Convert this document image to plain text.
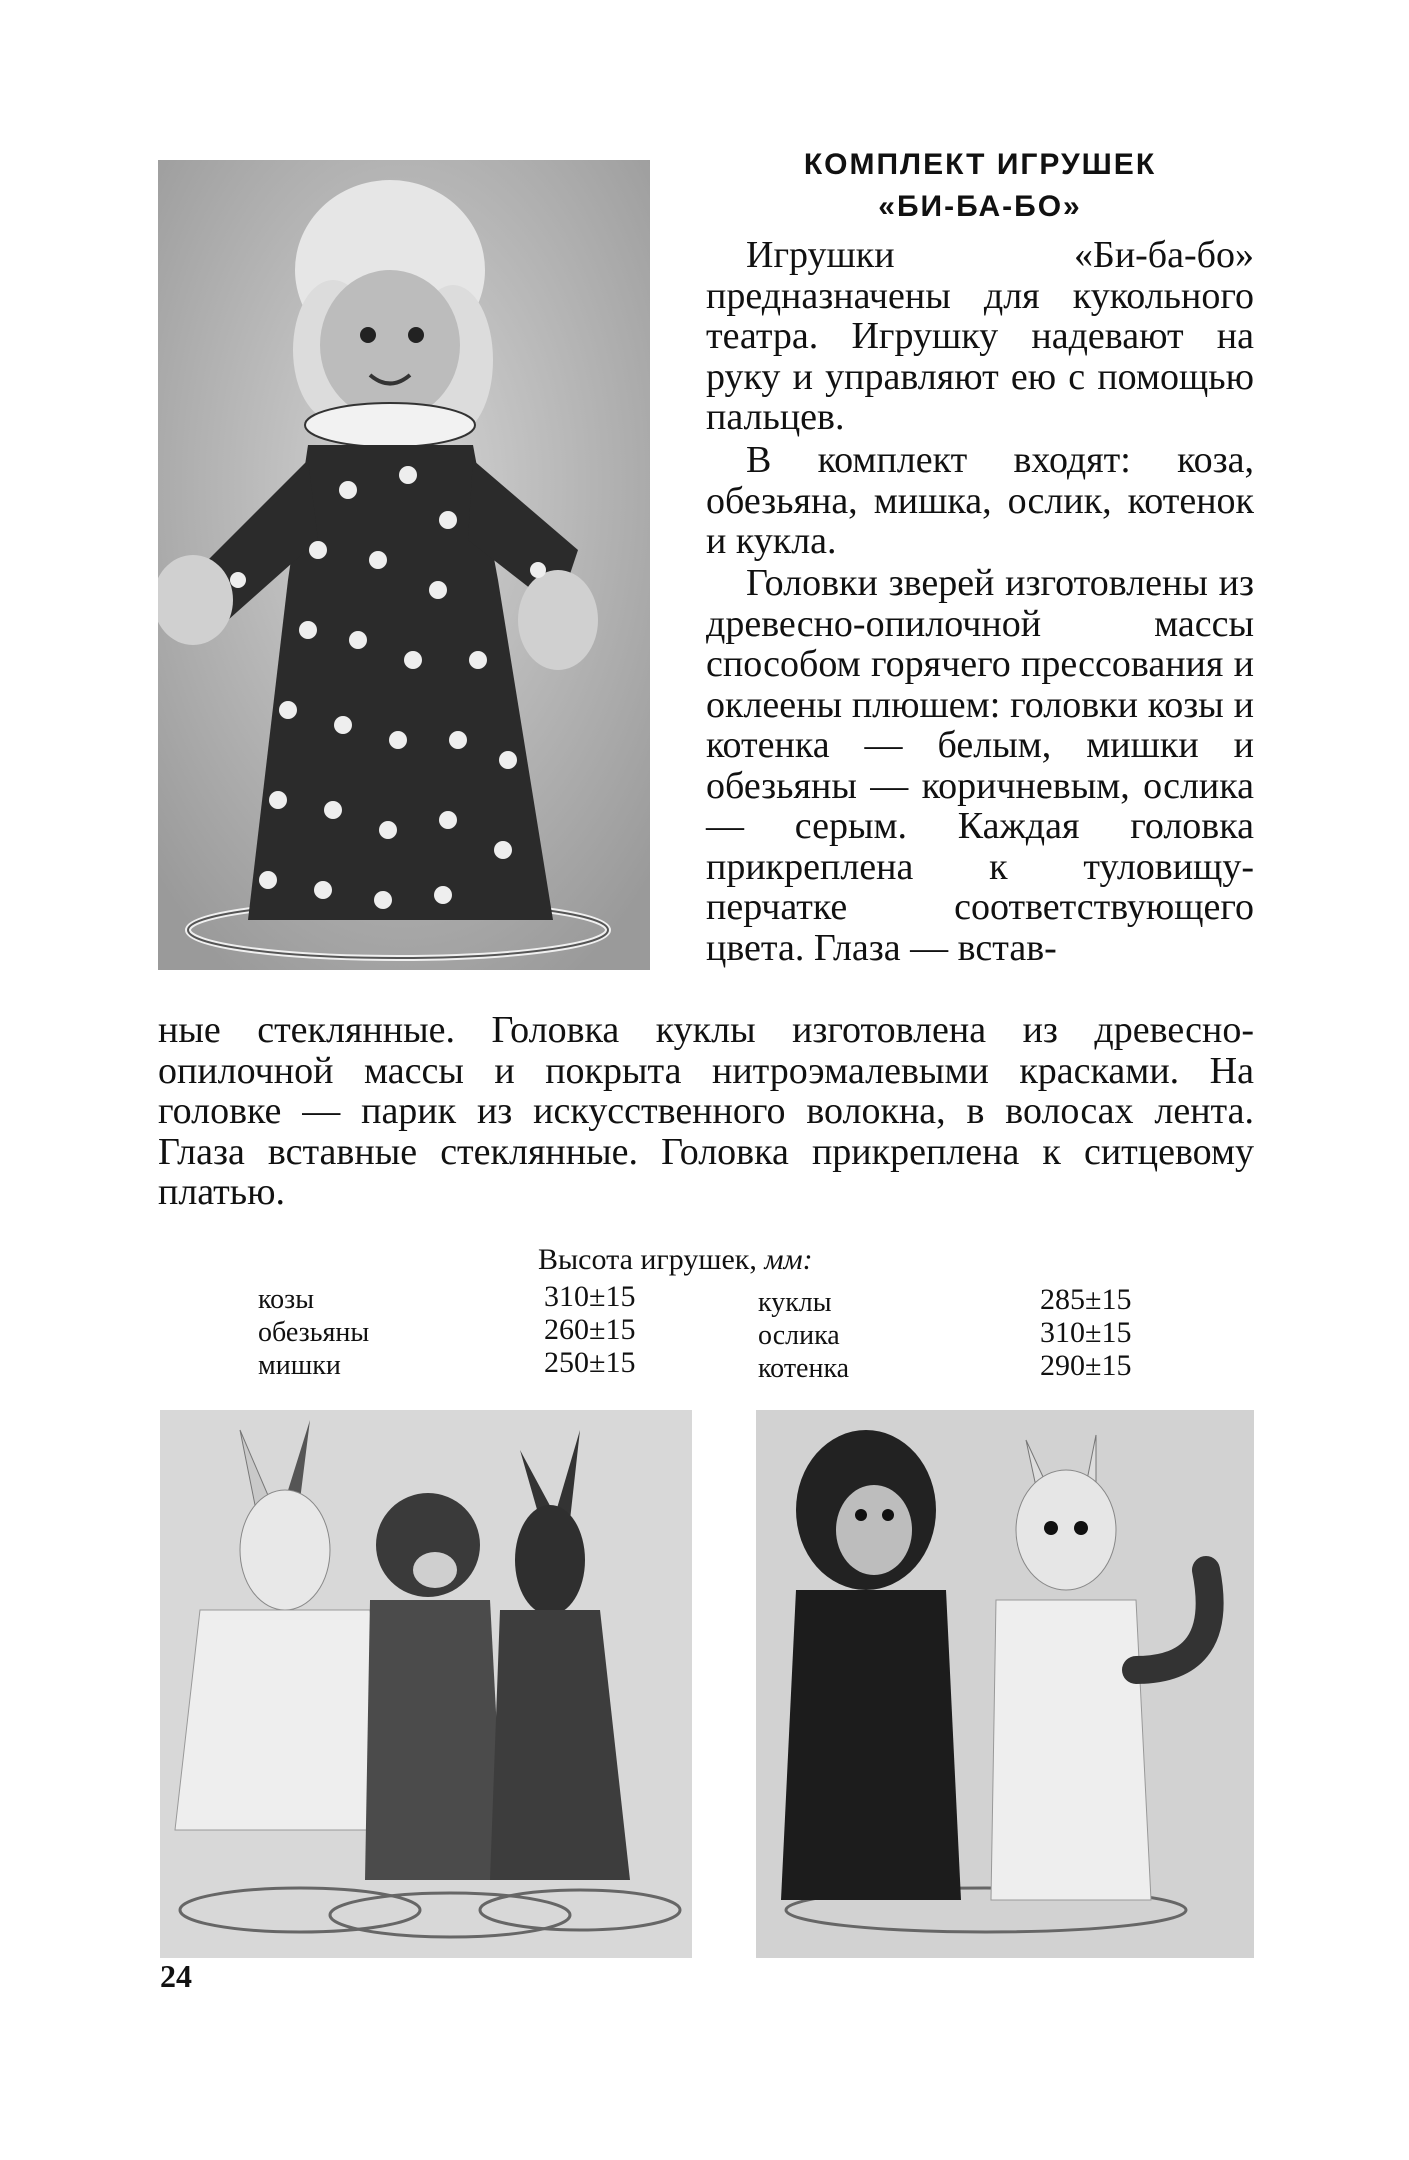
КОМПЛЕКТ ИГРУШЕК
«БИ-БА-БО»

Игрушки «Би-ба-бо» предназначены для кукольного театра. Игрушку надевают на руку и управляют ею с помощью пальцев.

В комплект входят: коза, обезьяна, мишка, ослик, котенок и кукла.

Головки зверей изготовлены из древесно-опилочной массы способом горячего прессования и оклеены плюшем: головки козы и котенка — белым, мишки и обезьяны — коричневым, ослика — серым. Каждая головка прикреплена к туловищу-перчатке соответствующего цвета. Глаза — встав-

ные стеклянные. Головка куклы изготовлена из древесно-опилочной массы и покрыта нитроэмалевыми красками. На головке — парик из искусственного волокна, в волосах лента. Глаза вставные стеклянные. Головка прикреплена к ситцевому платью.

Высота игрушек, мм:
козы
обезьяны
мишки
310±15
260±15
250±15
куклы
ослика
котенка
285±15
310±15
290±15
24
